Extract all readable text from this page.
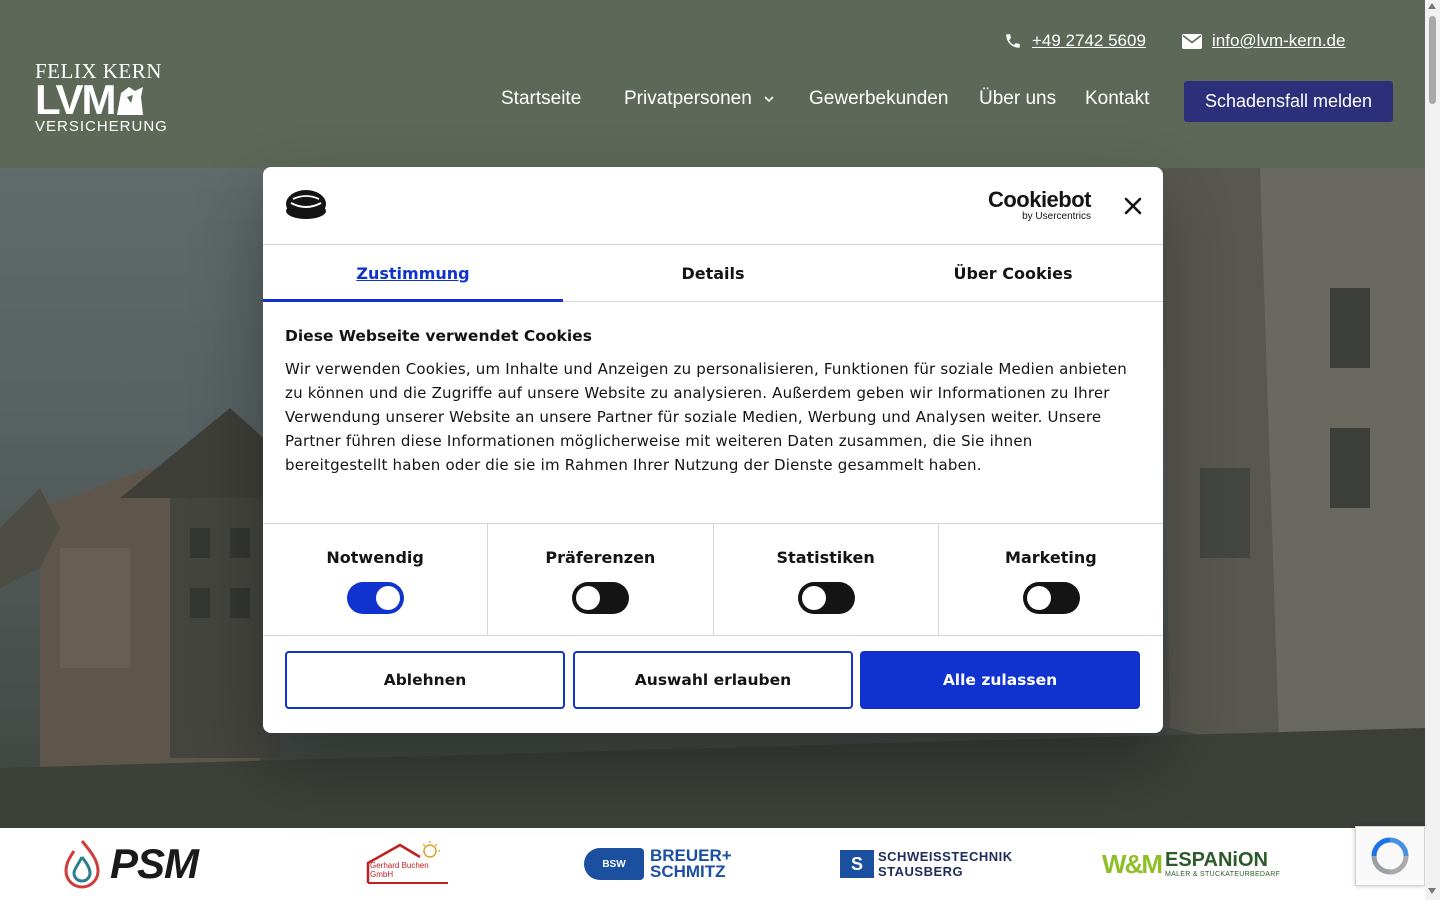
FELIX KERN
LVM
VERSICHERUNG
+49 2742 5609	info@lvm-kern.de
Startseite Privatpersonen	Gewerbekunden Über uns Kontakt	Schadensfall melden
PSM	Gerhard Buchen GmbH
BSW	BREUER+ SCHMITZ	S	SCHWEISSTECHNIK STAUSBERG	W&M ESPANiON
MALER & STUCKATEURBEDARF
Cookiebot
by Usercentrics
Zustimmung	Details	Über Cookies
Diese Webseite verwendet Cookies
Wir verwenden Cookies, um Inhalte und Anzeigen zu personalisieren, Funktionen für soziale Medien anbieten zu können und die Zugriffe auf unsere Website zu analysieren. Außerdem geben wir Informationen zu Ihrer Verwendung unserer Website an unsere Partner für soziale Medien, Werbung und Analysen weiter. Unsere Partner führen diese Informationen möglicherweise mit weiteren Daten zusammen, die Sie ihnen bereitgestellt haben oder die sie im Rahmen Ihrer Nutzung der Dienste gesammelt haben.
Notwendig	Präferenzen	Statistiken	Marketing
Ablehnen	Auswahl erlauben	Alle zulassen
